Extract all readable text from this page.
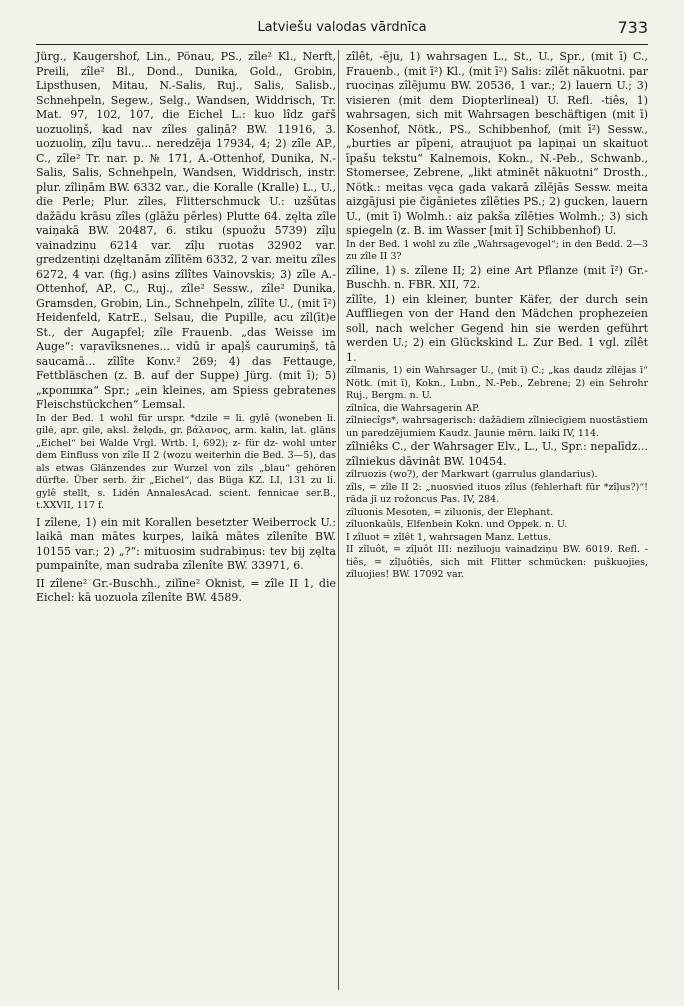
Latviešu valodas vārdnīca	733

Jürg., Kaugershof, Lin., Pönau, PS., zîle² Kl., Nerft, Preili, zîle² Bl., Dond., Dunika, Gold., Grobin, Lipsthusen, Mitau, N.-Salis, Ruj., Salis, Salisb., Schnehpeln, Segew., Selg., Wandsen, Widdrisch, Tr. Mat. 97, 102, 107, die Eichel L.: kuo lîdz gaṙš uozuoliņš, kad nav zîles galiņā? BW. 11916, 3. uozuoliņ, zîļu tavu... neredzēja 17934, 4; 2) zîle AP., C., zîle² Tr. nar. p. № 171, A.-Ottenhof, Dunika, N.-Salis, Salis, Schnehpeln, Wandsen, Widdrisch, instr. plur. zîliņām BW. 6332 var., die Koralle (Kralle) L., U., die Perle; Plur. zîles, Flitterschmuck U.: uzšūtas dažādu krāsu zîles (glāžu pērles) Plutte 64. zęlta zîle vaiņakā BW. 20487, 6. stiku (spuožu 5739) zîļu vainadziņu 6214 var. zîļu ruotas 32902 var. gredzentiņi dzęltanām zîlītēm 6332, 2 var. meitu zîles 6272, 4 var. (fig.) asins zîlîtes Vainovskis; 3) zîle A.-Ottenhof, AP., C., Ruj., zîle² Sessw., zîle² Dunika, Gramsden, Grobin, Lin., Schnehpeln, zîlîte U., (mit ī²) Heidenfeld, KatrE., Selsau, die Pupille, acu zîl(īt)e St., der Augapfel; zîle Frauenb. „das Weisse im Auge“: vaŗavīksnenes... vidū ir apaļš caurumiņš, tā saucamā... zîlîte Konv.² 269; 4) das Fettauge, Fettbläschen (z. B. auf der Suppe) Jürg. (mit ī); 5) „кропшка“ Spr.; „ein kleines, am Spiess gebratenes Fleischstückchen“ Lemsal.

In der Bed. 1 wohl für urspr. *dzile = li. gylê (woneben li. gilė, apr. gile, aksl. želǫdь, gr. βάλανος, arm. kałin, lat. glāns „Eichel“ bei Walde Vrgl. Wrtb. I, 692); z- für dz- wohl unter dem Einfluss von zîle II 2 (wozu weiterhin die Bed. 3—5), das als etwas Glänzendes zur Wurzel von zils „blau“ gehören dürfte. Über serb. žir „Eichel“, das Büga KZ. LI, 131 zu li. gylê stellt, s. Lidén AnnalesAcad. scient. fennicae ser.B., t.XXVII, 117 f.

I zîlene, 1) ein mit Korallen besetzter Weiberrock U.: laikā man mātes kurpes, laikā mātes zîlenîte BW. 10155 var.; 2) „?“: mituosim sudrabiņus: tev bij zęlta pumpainîte, man sudraba zîlenîte BW. 33971, 6.

II zîlene² Gr.-Buschh., zilīne² Oknist, = zîle II 1, die Eichel: kā uozuola zîlenîte BW. 4589.

zîlêt, -ēju, 1) wahrsagen L., St., U., Spr., (mit ī) C., Frauenb., (mit ī²) Kl., (mit ī²) Salis: zîlēt nākuotni. par ruociņas zîlējumu BW. 20536, 1 var.; 2) lauern U.; 3) visieren (mit dem Diopterlineal) U. Refl. -tiês, 1) wahrsagen, sich mit Wahrsagen beschäftigen (mit ī) Kosenhof, Nötk., PS., Schibbenhof, (mit ī²) Sessw., „burties ar pīpeni, atraujuot pa lapiņai un skaituot īpašu tekstu“ Kalnemois, Kokn., N.-Peb., Schwanb., Stomersee, Zebrene, „likt atminēt nākuotni“ Drosth., Nötk.: meitas vęca gada vakarā zîlējās Sessw. meita aizgājusi pie čigānietes zîlēties PS.; 2) gucken, lauern U., (mit ī) Wolmh.: aiz pakša zîlēties Wolmh.; 3) sich spiegeln (z. B. im Wasser [mit ī] Schibbenhof) U.

In der Bed. 1 wohl zu zîle „Wahrsagevogel“; in den Bedd. 2—3 zu zîle II 3?

zîline, 1) s. zîlene II; 2) eine Art Pflanze (mit ī²) Gr.-Buschh. n. FBR. XII, 72.

zîlîte, 1) ein kleiner, bunter Käfer, der durch sein Auffliegen von der Hand den Mädchen prophezeien soll, nach welcher Gegend hin sie werden geführt werden U.; 2) ein Glückskind L. Zur Bed. 1 vgl. zîlêt 1.

zîlmanis, 1) ein Wahrsager U., (mit ī) C.; „kas daudz zîlējas ī“ Nötk. (mit ī), Kokn., Lubn., N.-Peb., Zebrene; 2) ein Sehrohr Ruj., Bergm. n. U.

zîlnîca, die Wahrsagerin AP.

zîlniecîgs*, wahrsagerisch: dažādiem zîlniecīgiem nuostāstiem un paredzējumiem Kaudz. Jaunie mērn. laiki IV, 114.

zîlniêks C., der Wahrsager Elv., L., U., Spr.: nepalīdz... zîlniekus dāvinât BW. 10454.

zîlruozis (wo?), der Markwart (garrulus glandarius).

zîls, = zîle II 2: „nuosvied ituos zîlus (fehlerhaft für *zîļus?)“! rāda jī uz rožoncus Pas. IV, 284.

zîluonis Mesoten, = ziluonis, der Elephant.

zîluonkaũls, Elfenbein Kokn. und Oppek. n. U.

I zîluot = zîlêt 1, wahrsagen Manz. Lettus.

II zîluôt, = zîļuôt III: nezīluoju vainadziņu BW. 6019. Refl. -tiês, = zîļuôtiês, sich mit Flitter schmücken: puškuojies, zîluojies! BW. 17092 var.
